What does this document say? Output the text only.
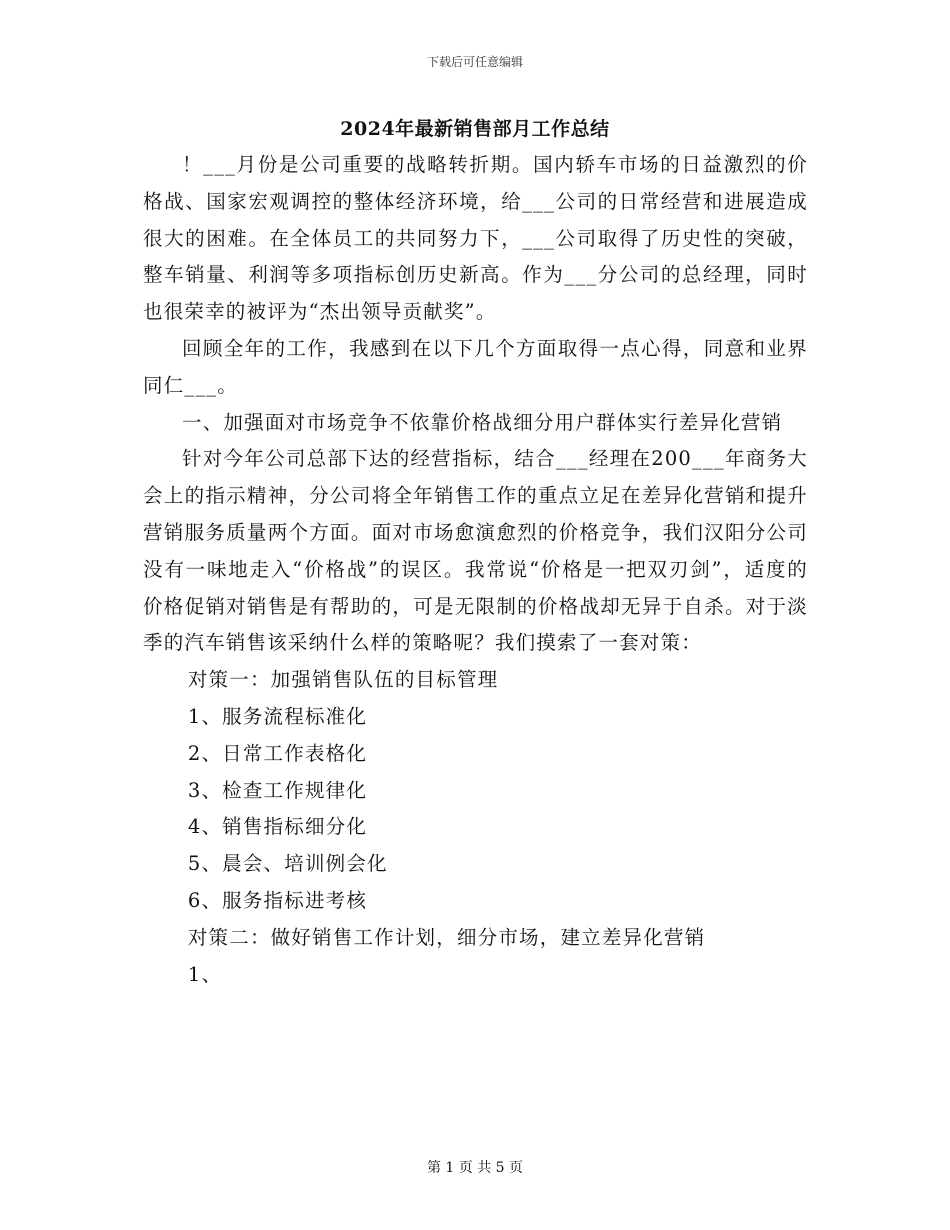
下载后可任意编辑
2024年最新销售部月工作总结

！___月份是公司重要的战略转折期。国内轿车市场的日益激烈的价格战、国家宏观调控的整体经济环境，给___公司的日常经营和进展造成很大的困难。在全体员工的共同努力下，___公司取得了历史性的突破，整车销量、利润等多项指标创历史新高。作为___分公司的总经理，同时也很荣幸的被评为“杰出领导贡献奖”。

回顾全年的工作，我感到在以下几个方面取得一点心得，同意和业界同仁___。

一、加强面对市场竞争不依靠价格战细分用户群体实行差异化营销

针对今年公司总部下达的经营指标，结合___经理在200___年商务大会上的指示精神，分公司将全年销售工作的重点立足在差异化营销和提升营销服务质量两个方面。面对市场愈演愈烈的价格竞争，我们汉阳分公司没有一味地走入“价格战”的误区。我常说“价格是一把双刃剑”，适度的价格促销对销售是有帮助的，可是无限制的价格战却无异于自杀。对于淡季的汽车销售该采纳什么样的策略呢？我们摸索了一套对策：

对策一：加强销售队伍的目标管理

1、服务流程标准化

2、日常工作表格化

3、检查工作规律化

4、销售指标细分化

5、晨会、培训例会化

6、服务指标进考核

对策二：做好销售工作计划，细分市场，建立差异化营销

1、

第 1 页 共 5 页
